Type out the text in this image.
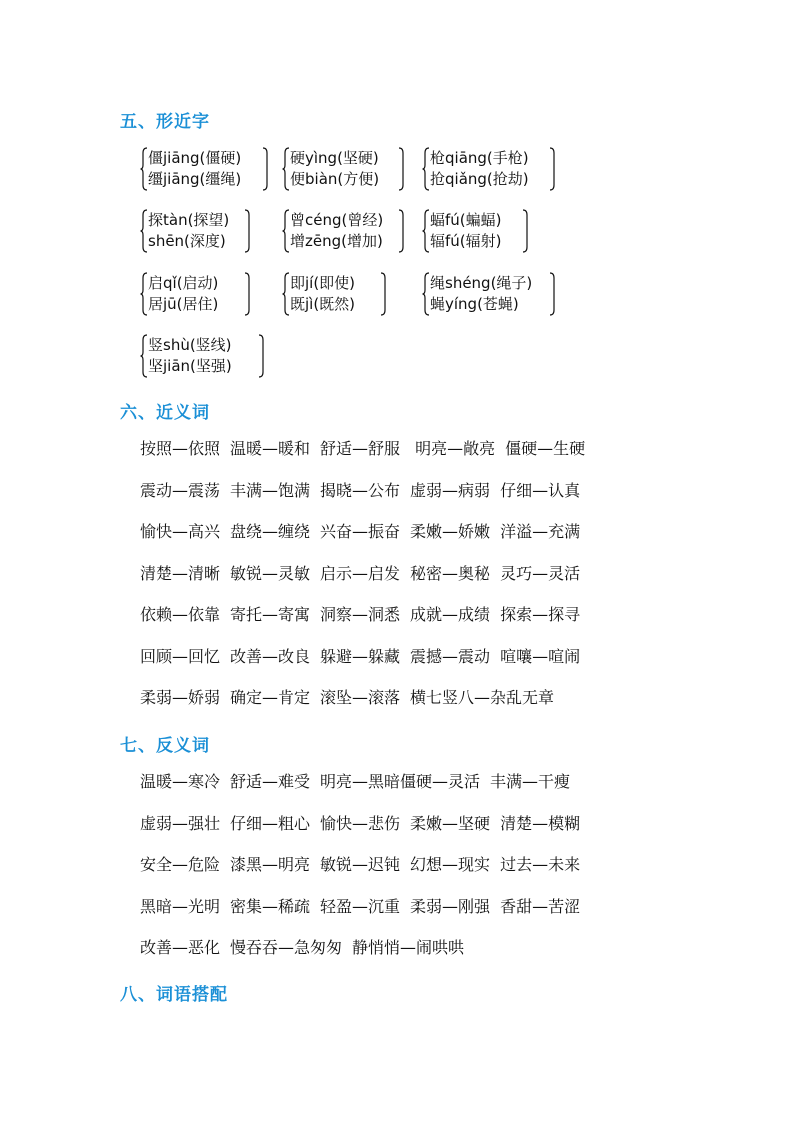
五、形近字
僵jiāng(僵硬)
缰jiāng(缰绳)
硬yìng(坚硬)
便biàn(方便)
枪qiāng(手枪)
抢qiǎng(抢劫)
探tàn(探望)
shēn(深度)
曾céng(曾经)
增zēng(增加)
蝠fú(蝙蝠)
辐fú(辐射)
启qǐ(启动)
居jū(居住)
即jí(即使)
既jì(既然)
绳shéng(绳子)
蝇yíng(苍蝇)
竖shù(竖线)
坚jiān(坚强)
六、近义词
按照—依照 温暖—暖和 舒适—舒服 明亮—敞亮 僵硬—生硬
震动—震荡 丰满—饱满 揭晓—公布 虚弱—病弱 仔细—认真
愉快—高兴 盘绕—缠绕 兴奋—振奋 柔嫩—娇嫩 洋溢—充满
清楚—清晰 敏锐—灵敏 启示—启发 秘密—奥秘 灵巧—灵活
依赖—依靠 寄托—寄寓 洞察—洞悉 成就—成绩 探索—探寻
回顾—回忆 改善—改良 躲避—躲藏 震撼—震动 喧嚷—喧闹
柔弱—娇弱 确定—肯定 滚坠—滚落 横七竖八—杂乱无章
七、反义词
温暖—寒冷 舒适—难受 明亮—黑暗僵硬—灵活 丰满—干瘦
虚弱—强壮 仔细—粗心 愉快—悲伤 柔嫩—坚硬 清楚—模糊
安全—危险 漆黑—明亮 敏锐—迟钝 幻想—现实 过去—未来
黑暗—光明 密集—稀疏 轻盈—沉重 柔弱—刚强 香甜—苦涩
改善—恶化 慢吞吞—急匆匆 静悄悄—闹哄哄
八、词语搭配
